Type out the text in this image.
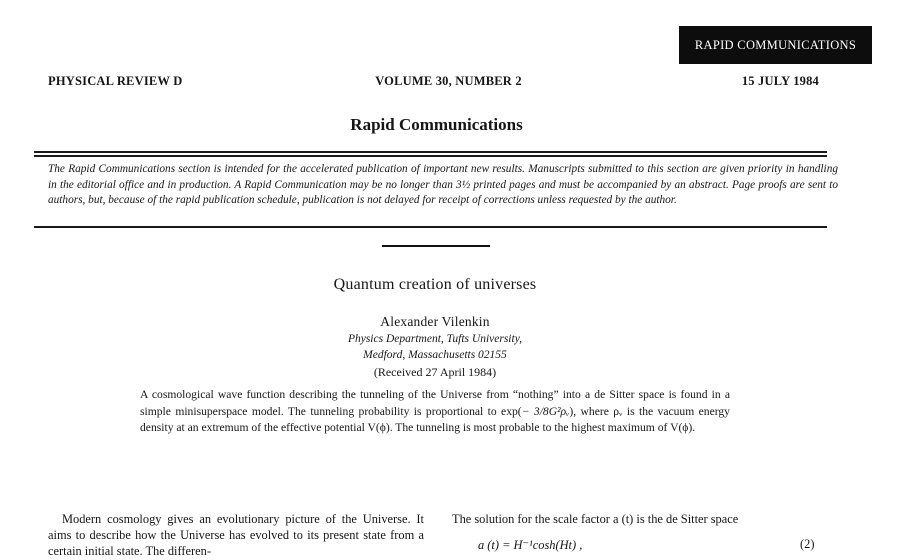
RAPID COMMUNICATIONS
PHYSICAL REVIEW D	VOLUME 30, NUMBER 2	15 JULY 1984
Rapid Communications
The Rapid Communications section is intended for the accelerated publication of important new results. Manuscripts submitted to this section are given priority in handling in the editorial office and in production. A Rapid Communication may be no longer than 3½ printed pages and must be accompanied by an abstract. Page proofs are sent to authors, but, because of the rapid publication schedule, publication is not delayed for receipt of corrections unless requested by the author.
Quantum creation of universes
Alexander Vilenkin
Physics Department, Tufts University,
Medford, Massachusetts 02155
(Received 27 April 1984)

A cosmological wave function describing the tunneling of the Universe from “nothing” into a de Sitter space is found in a simple minisuperspace model. The tunneling probability is proportional to exp(− 3/8G²ρᵥ), where ρᵥ is the vacuum energy density at an extremum of the effective potential V(ϕ). The tunneling is most probable to the highest maximum of V(ϕ).

Modern cosmology gives an evolutionary picture of the Universe. It aims to describe how the Universe has evolved to its present state from a certain initial state. The differen-

The solution for the scale factor a (t) is the de Sitter space

a (t) = H⁻¹cosh(Ht) ,	(2)
